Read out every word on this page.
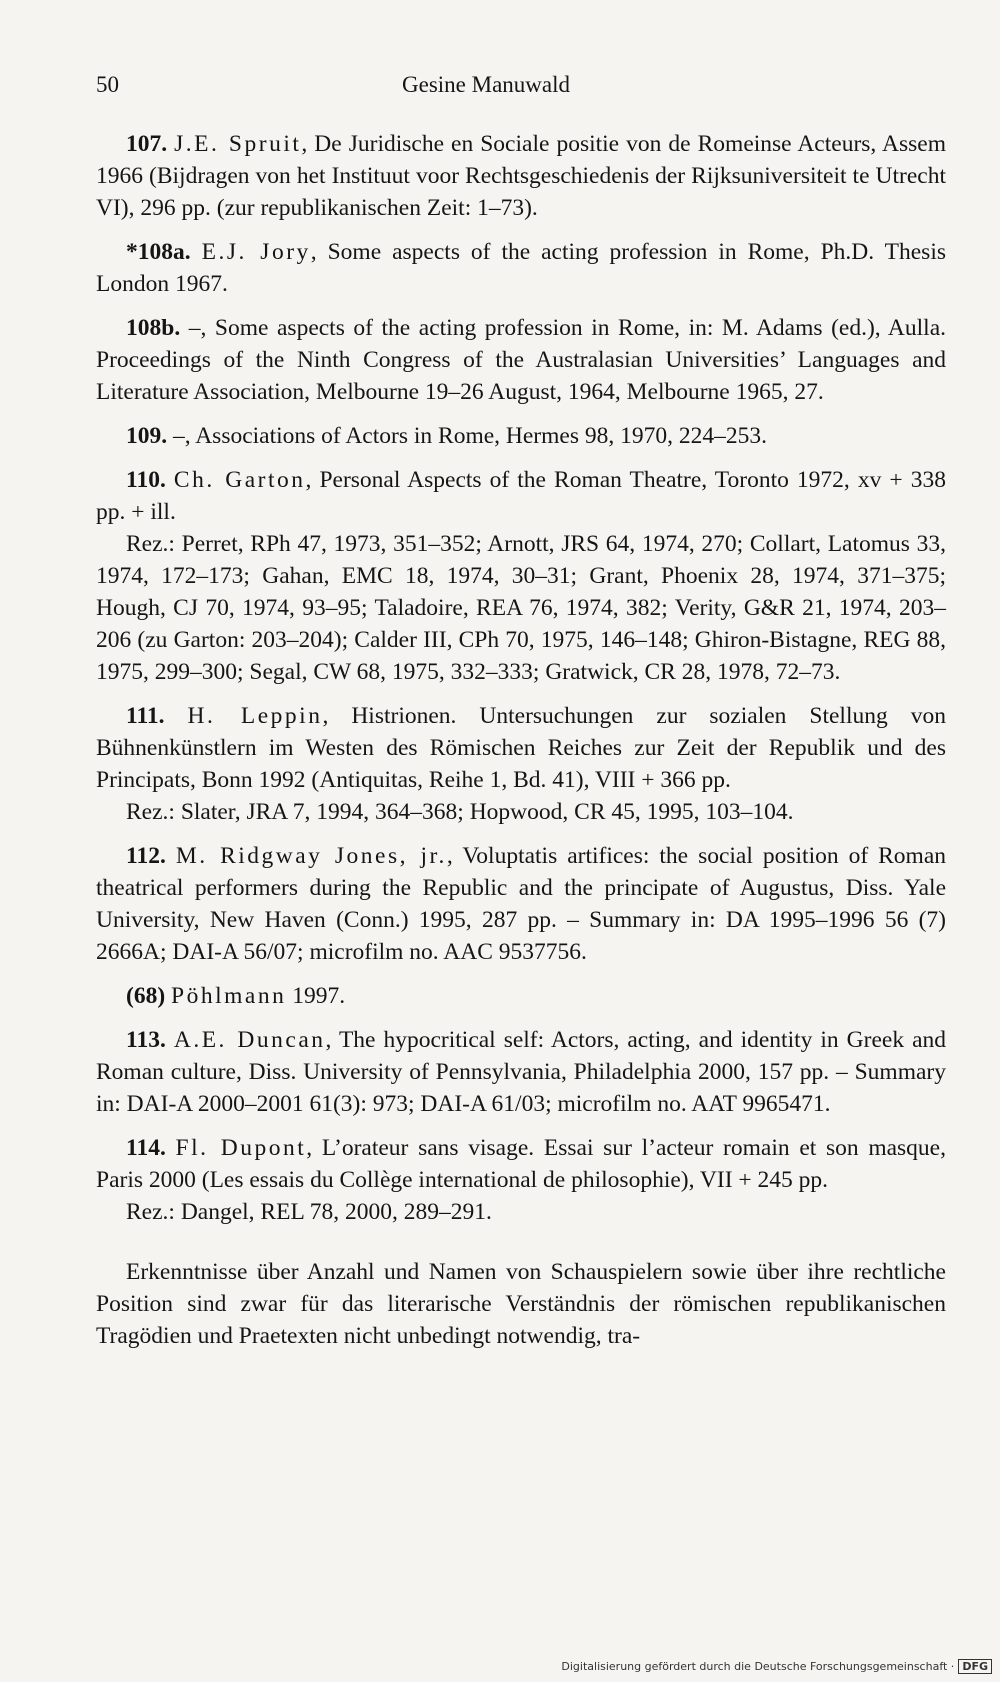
50	Gesine Manuwald

107. J.E. Spruit, De Juridische en Sociale positie von de Romeinse Acteurs, Assem 1966 (Bijdragen von het Instituut voor Rechtsgeschiedenis der Rijksuniversiteit te Utrecht VI), 296 pp. (zur republikanischen Zeit: 1–73).

*108a. E.J. Jory, Some aspects of the acting profession in Rome, Ph.D. Thesis London 1967.

108b. –, Some aspects of the acting profession in Rome, in: M. Adams (ed.), Aulla. Proceedings of the Ninth Congress of the Australasian Universities’ Languages and Literature Association, Melbourne 19–26 August, 1964, Melbourne 1965, 27.

109. –, Associations of Actors in Rome, Hermes 98, 1970, 224–253.

110. Ch. Garton, Personal Aspects of the Roman Theatre, Toronto 1972, xv + 338 pp. + ill.

Rez.: Perret, RPh 47, 1973, 351–352; Arnott, JRS 64, 1974, 270; Collart, Latomus 33, 1974, 172–173; Gahan, EMC 18, 1974, 30–31; Grant, Phoenix 28, 1974, 371–375; Hough, CJ 70, 1974, 93–95; Taladoire, REA 76, 1974, 382; Verity, G&R 21, 1974, 203–206 (zu Garton: 203–204); Calder III, CPh 70, 1975, 146–148; Ghiron-Bistagne, REG 88, 1975, 299–300; Segal, CW 68, 1975, 332–333; Gratwick, CR 28, 1978, 72–73.

111. H. Leppin, Histrionen. Untersuchungen zur sozialen Stellung von Bühnenkünstlern im Westen des Römischen Reiches zur Zeit der Republik und des Principats, Bonn 1992 (Antiquitas, Reihe 1, Bd. 41), VIII + 366 pp.

Rez.: Slater, JRA 7, 1994, 364–368; Hopwood, CR 45, 1995, 103–104.

112. M. Ridgway Jones, jr., Voluptatis artifices: the social position of Roman theatrical performers during the Republic and the principate of Augustus, Diss. Yale University, New Haven (Conn.) 1995, 287 pp. – Summary in: DA 1995–1996 56 (7) 2666A; DAI-A 56/07; microfilm no. AAC 9537756.

(68) Pöhlmann 1997.

113. A.E. Duncan, The hypocritical self: Actors, acting, and identity in Greek and Roman culture, Diss. University of Pennsylvania, Philadelphia 2000, 157 pp. – Summary in: DAI-A 2000–2001 61(3): 973; DAI-A 61/03; microfilm no. AAT 9965471.

114. Fl. Dupont, L’orateur sans visage. Essai sur l’acteur romain et son masque, Paris 2000 (Les essais du Collège international de philosophie), VII + 245 pp.

Rez.: Dangel, REL 78, 2000, 289–291.

Erkenntnisse über Anzahl und Namen von Schauspielern sowie über ihre rechtliche Position sind zwar für das literarische Verständnis der römischen republikanischen Tragödien und Praetexten nicht unbedingt notwendig, tra-

Digitalisierung gefördert durch die Deutsche Forschungsgemeinschaft · DFG
